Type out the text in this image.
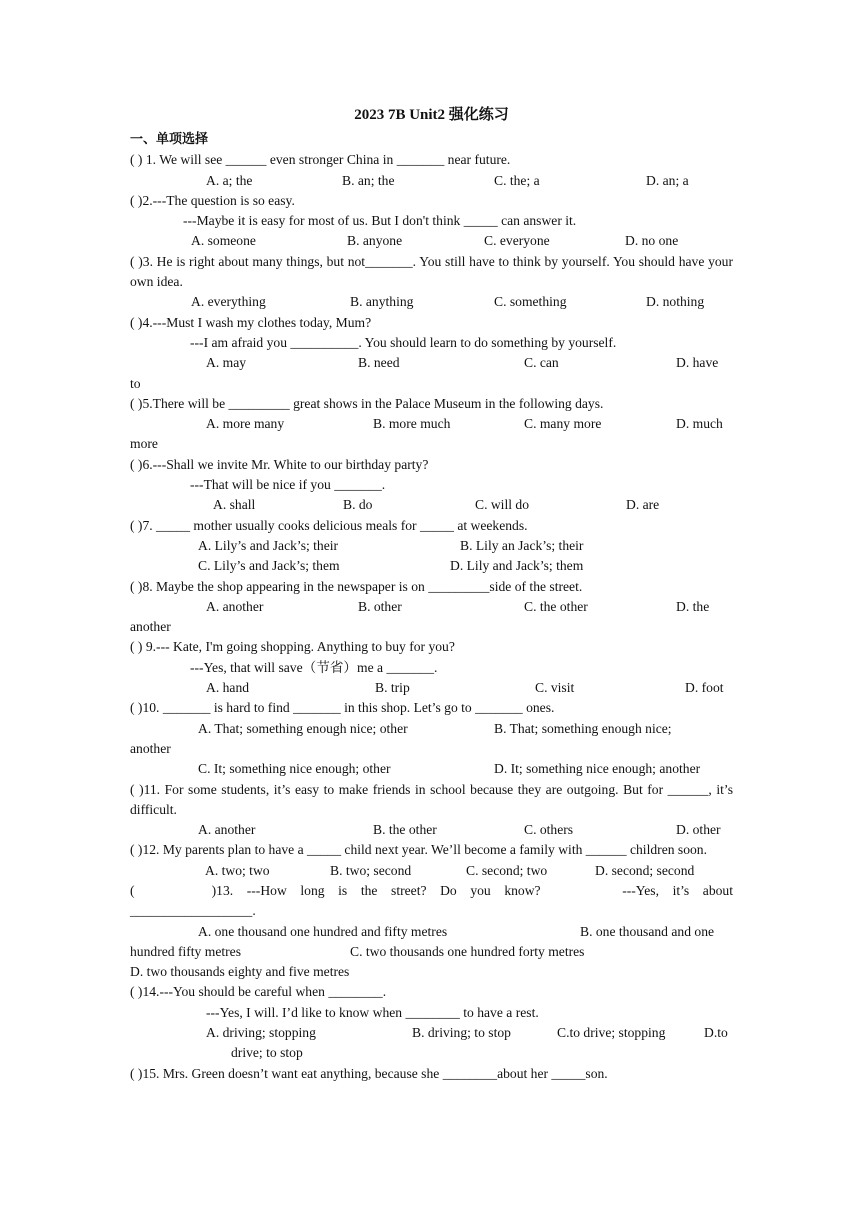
2023 7B Unit2 强化练习
一、单项选择
( ) 1. We will see ______ even stronger China in _______ near future.
A. a; the	B. an; the	C. the; a	D. an; a
( )2.---The question is so easy.
---Maybe it is easy for most of us. But I don't think _____ can answer it.
A. someone	B. anyone	C. everyone	D. no one
( )3. He is right about many things, but not_______. You still have to think by yourself. You should have your own idea.
A. everything	B. anything	C. something	D. nothing
( )4.---Must I wash my clothes today, Mum?
---I am afraid you __________. You should learn to do something by yourself.
A. may	B. need	C. can	D. have
to
( )5.There will be _________ great shows in the Palace Museum in the following days.
A. more many	B. more much	C. many more	D. much
more
( )6.---Shall we invite Mr. White to our birthday party?
---That will be nice if you _______.
A. shall	B. do	C. will do	D. are
( )7. _____ mother usually cooks delicious meals for _____ at weekends.
A. Lily’s and Jack’s; their	B. Lily an Jack’s; their
C. Lily’s and Jack’s; them	D. Lily and Jack’s; them
( )8. Maybe the shop appearing in the newspaper is on _________side of the street.
A. another	B. other	C. the other	D. the
another
( ) 9.--- Kate, I'm going shopping. Anything to buy for you?
---Yes, that will save（节省）me a _______.
A. hand	B. trip	C. visit	D. foot
( )10. _______ is hard to find _______ in this shop. Let’s go to _______ ones.
A. That; something enough nice; other	B. That; something enough nice;
another
C. It; something nice enough; other	D. It; something nice enough; another
( )11. For some students, it’s easy to make friends in school because they are outgoing. But for ______, it’s difficult.
A. another	B. the other	C. others	D. other
( )12. My parents plan to have a _____ child next year. We’ll become a family with ______ children soon.
A. two; two	B. two; second	C. second; two	D. second; second
(                 )13.   ---How   long   is   the   street?   Do   you   know?                  ---Yes,   it’s   about __________________.
A. one thousand one hundred and fifty metres	B. one thousand and one
hundred fifty metres	C. two thousands one hundred forty metres
D. two thousands eighty and five metres
( )14.---You should be careful when ________.
---Yes, I will. I’d like to know when ________ to have a rest.
A. driving; stopping	B. driving; to stop	C.to drive; stopping	D.to
drive; to stop
( )15. Mrs. Green doesn’t want eat anything, because she ________about her _____son.
